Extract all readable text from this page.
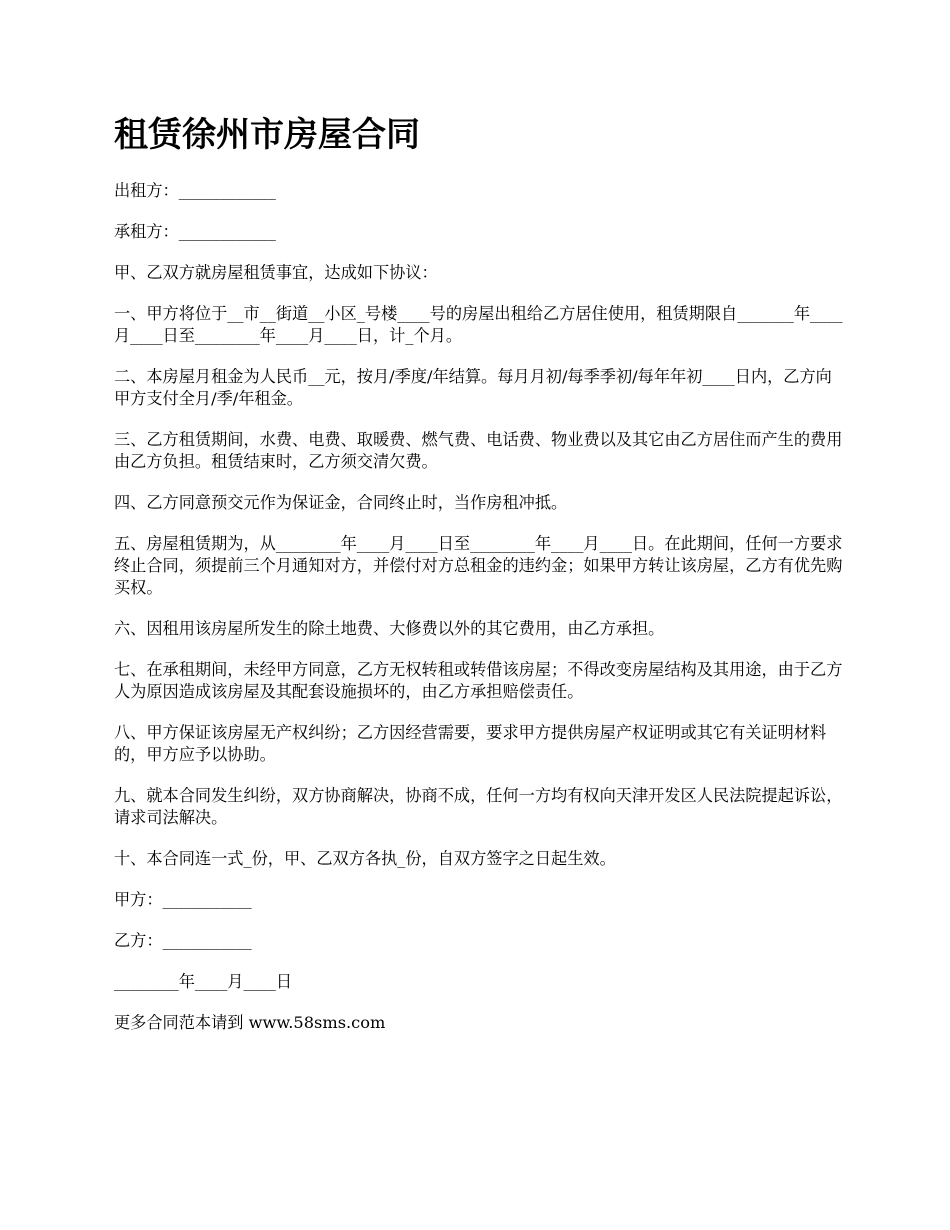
租赁徐州市房屋合同

出租方：____________

承租方：____________

甲、乙双方就房屋租赁事宜，达成如下协议：

一、甲方将位于__市__街道__小区_号楼____号的房屋出租给乙方居住使用，租赁期限自_______年____月____日至________年____月____日，计_个月。

二、本房屋月租金为人民币__元，按月/季度/年结算。每月月初/每季季初/每年年初____日内，乙方向甲方支付全月/季/年租金。

三、乙方租赁期间，水费、电费、取暖费、燃气费、电话费、物业费以及其它由乙方居住而产生的费用由乙方负担。租赁结束时，乙方须交清欠费。

四、乙方同意预交元作为保证金，合同终止时，当作房租冲抵。

五、房屋租赁期为，从________年____月____日至________年____月____日。在此期间，任何一方要求终止合同，须提前三个月通知对方，并偿付对方总租金的违约金；如果甲方转让该房屋，乙方有优先购买权。

六、因租用该房屋所发生的除土地费、大修费以外的其它费用，由乙方承担。

七、在承租期间，未经甲方同意，乙方无权转租或转借该房屋；不得改变房屋结构及其用途，由于乙方人为原因造成该房屋及其配套设施损坏的，由乙方承担赔偿责任。

八、甲方保证该房屋无产权纠纷；乙方因经营需要，要求甲方提供房屋产权证明或其它有关证明材料的，甲方应予以协助。

九、就本合同发生纠纷，双方协商解决，协商不成，任何一方均有权向天津开发区人民法院提起诉讼，请求司法解决。

十、本合同连一式_份，甲、乙双方各执_份，自双方签字之日起生效。

甲方：___________

乙方：___________

________年____月____日

更多合同范本请到 www.58sms.com
